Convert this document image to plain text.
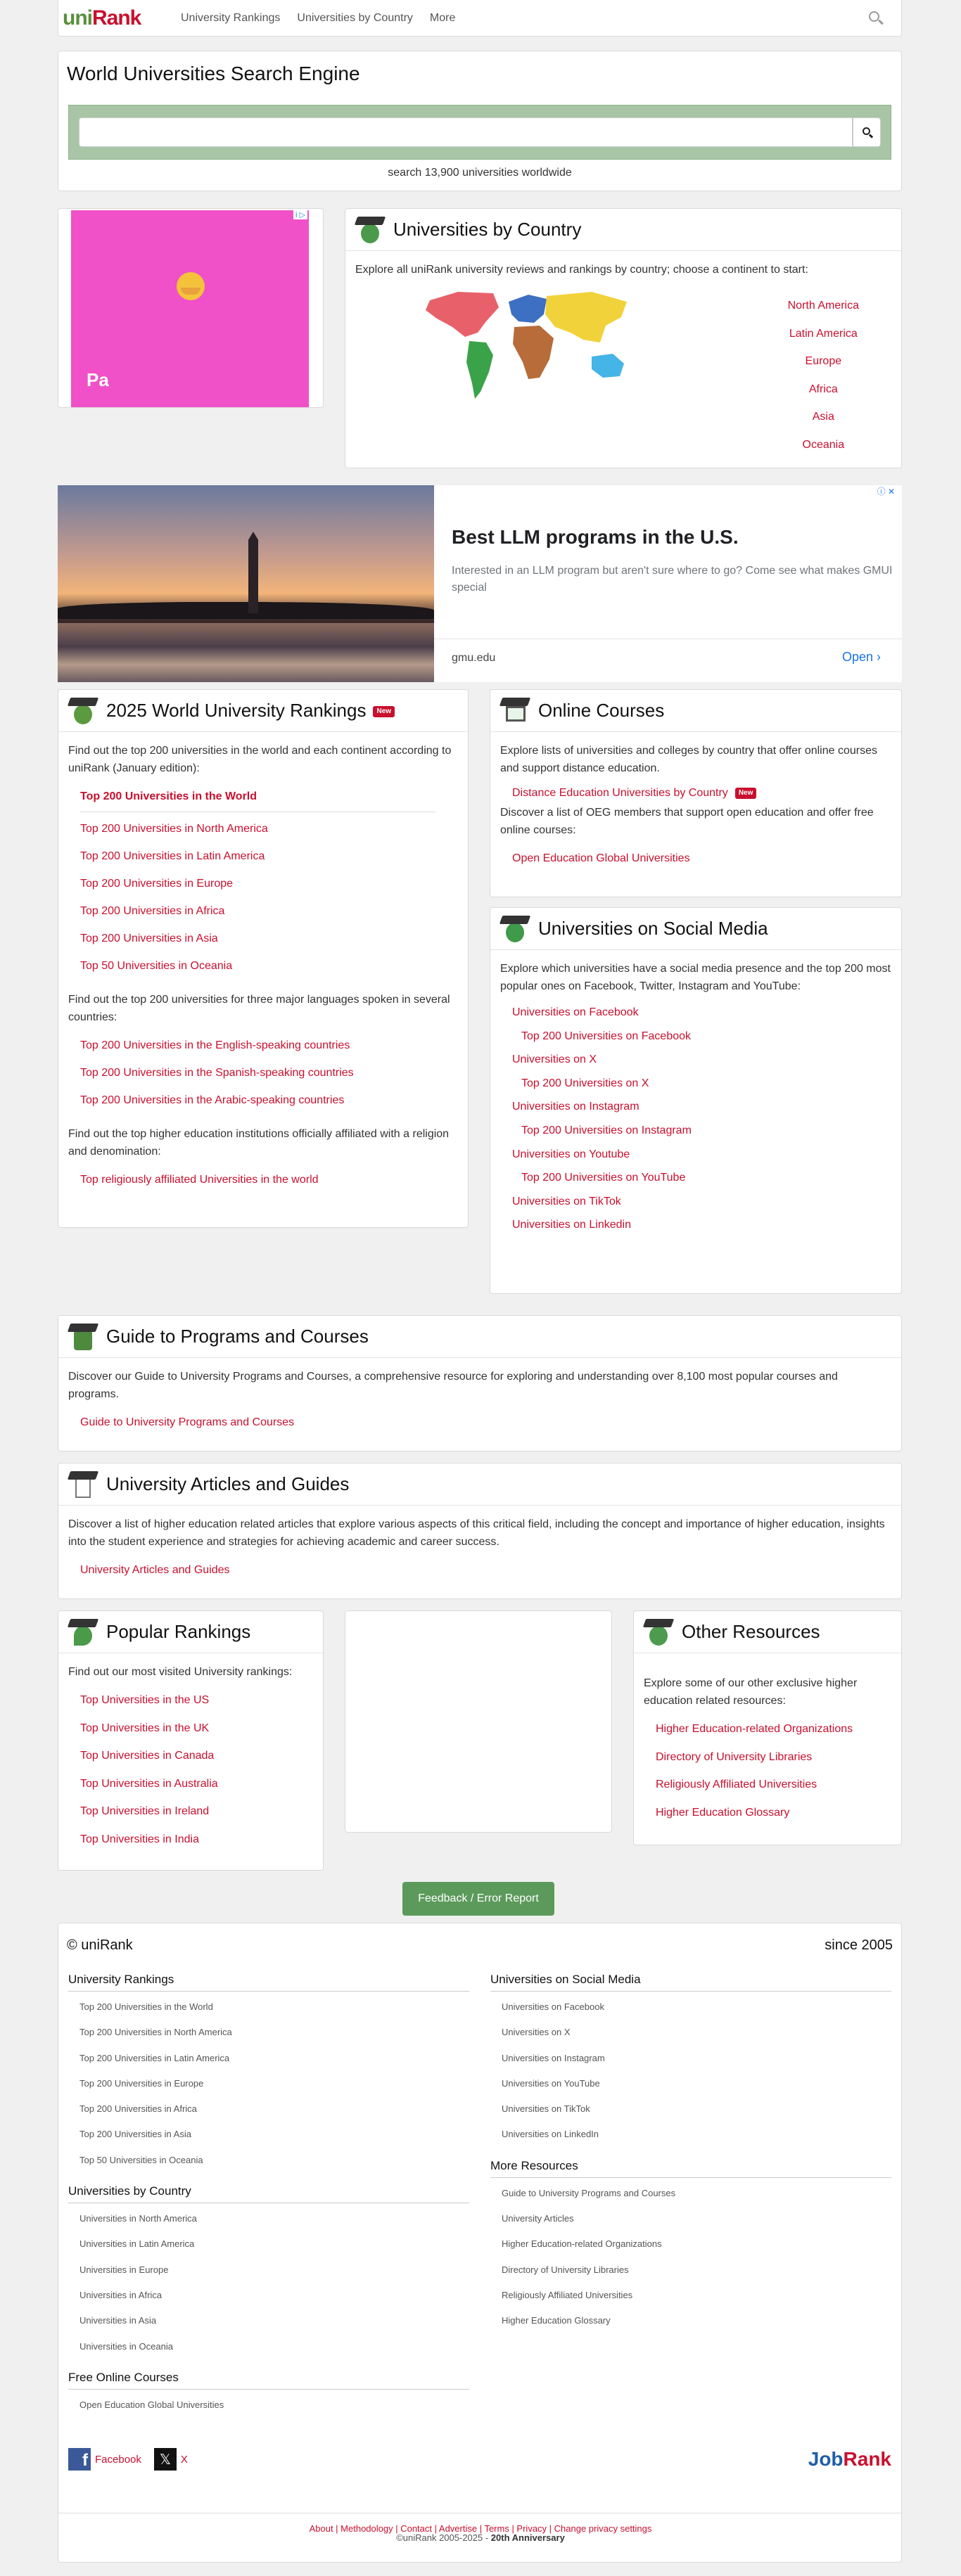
uniRank	University Rankings	Universities by Country	More
World Universities Search Engine
search 13,900 universities worldwide
Pa
i ▷
Universities by Country

Explore all uniRank university reviews and rankings by country; choose a continent to start:

North America
Latin America
Europe
Africa
Asia
Oceania
Best LLM programs in the U.S.
Interested in an LLM program but aren't sure where to go? Come see what makes GMUI special
gmu.edu	Open ›
ⓘ ✕
2025 World University Rankings New

Find out the top 200 universities in the world and each continent according to uniRank (January edition):

Top 200 Universities in the World
Top 200 Universities in North America
Top 200 Universities in Latin America
Top 200 Universities in Europe
Top 200 Universities in Africa
Top 200 Universities in Asia
Top 50 Universities in Oceania

Find out the top 200 universities for three major languages spoken in several countries:

Top 200 Universities in the English-speaking countries
Top 200 Universities in the Spanish-speaking countries
Top 200 Universities in the Arabic-speaking countries

Find out the top higher education institutions officially affiliated with a religion and denomination:

Top religiously affiliated Universities in the world
Online Courses

Explore lists of universities and colleges by country that offer online courses and support distance education.

Distance Education Universities by Country New

Discover a list of OEG members that support open education and offer free online courses:

Open Education Global Universities
Universities on Social Media

Explore which universities have a social media presence and the top 200 most popular ones on Facebook, Twitter, Instagram and YouTube:

Universities on Facebook
Top 200 Universities on Facebook
Universities on X
Top 200 Universities on X
Universities on Instagram
Top 200 Universities on Instagram
Universities on Youtube
Top 200 Universities on YouTube
Universities on TikTok
Universities on Linkedin
Guide to Programs and Courses

Discover our Guide to University Programs and Courses, a comprehensive resource for exploring and understanding over 8,100 most popular courses and programs.

Guide to University Programs and Courses
University Articles and Guides

Discover a list of higher education related articles that explore various aspects of this critical field, including the concept and importance of higher education, insights into the student experience and strategies for achieving academic and career success.

University Articles and Guides
Popular Rankings

Find out our most visited University rankings:

Top Universities in the US
Top Universities in the UK
Top Universities in Canada
Top Universities in Australia
Top Universities in Ireland
Top Universities in India
Other Resources

Explore some of our other exclusive higher education related resources:

Higher Education-related Organizations
Directory of University Libraries
Religiously Affiliated Universities
Higher Education Glossary
Feedback / Error Report
© uniRank	since 2005
University Rankings
Top 200 Universities in the World
Top 200 Universities in North America
Top 200 Universities in Latin America
Top 200 Universities in Europe
Top 200 Universities in Africa
Top 200 Universities in Asia
Top 50 Universities in Oceania
Universities by Country
Universities in North America
Universities in Latin America
Universities in Europe
Universities in Africa
Universities in Asia
Universities in Oceania
Free Online Courses
Open Education Global Universities
Universities on Social Media
Universities on Facebook
Universities on X
Universities on Instagram
Universities on YouTube
Universities on TikTok
Universities on LinkedIn
More Resources
Guide to University Programs and Courses
University Articles
Higher Education-related Organizations
Directory of University Libraries
Religiously Affiliated Universities
Higher Education Glossary
f Facebook	𝕏 X	JobRank
About | Methodology | Contact | Advertise | Terms | Privacy | Change privacy settings
©uniRank 2005-2025 - 20th Anniversary
